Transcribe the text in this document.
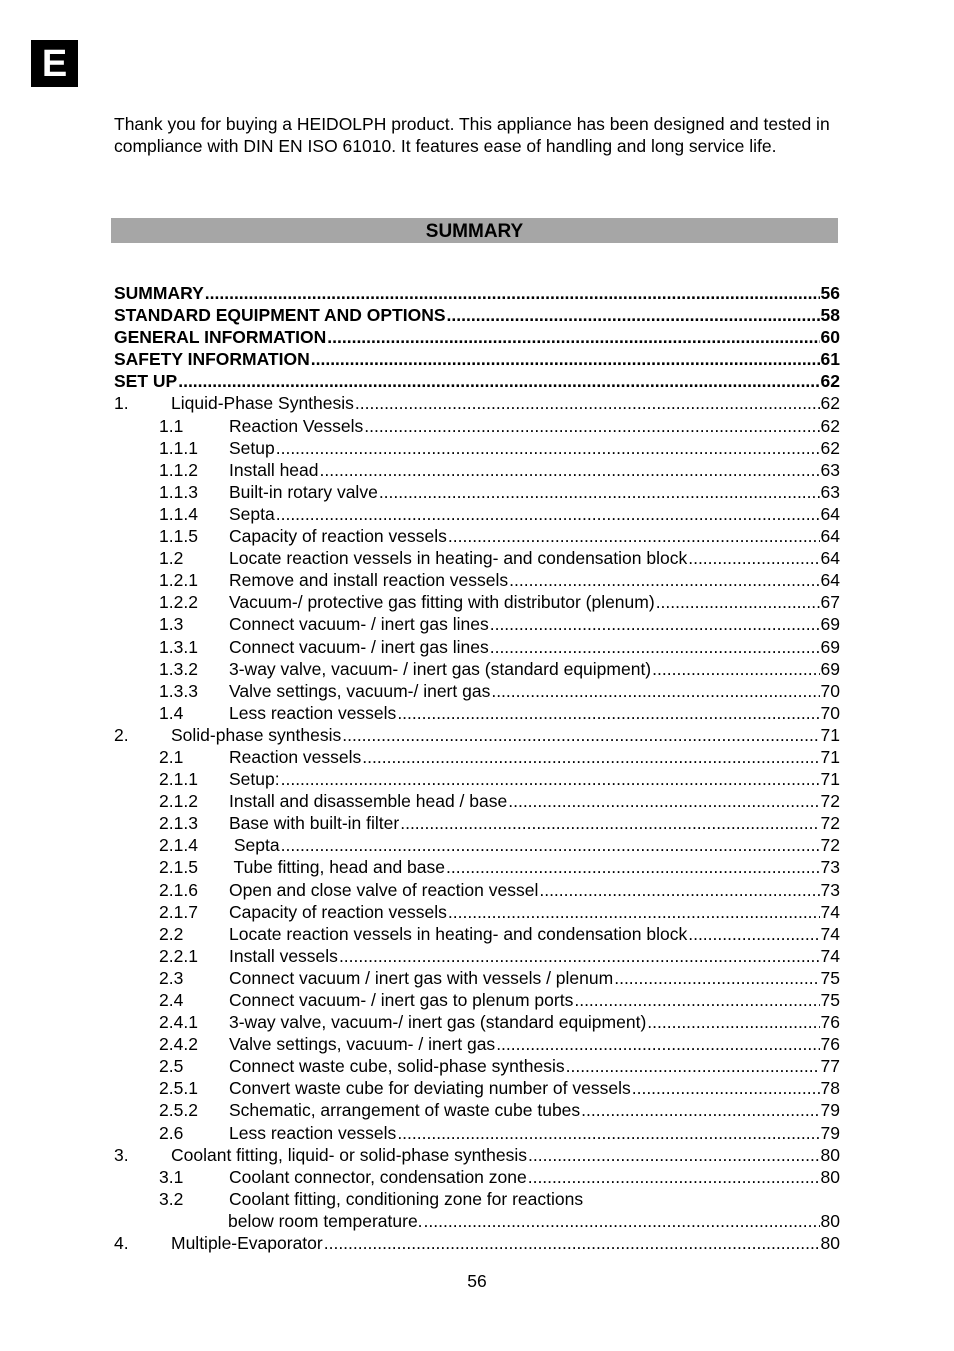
E

Thank you for buying a HEIDOLPH product. This appliance has been designed and tested in compliance with DIN EN ISO 61010. It features ease of handling and long service life.

SUMMARY
SUMMARY .....	56
STANDARD EQUIPMENT AND OPTIONS .....	58
GENERAL INFORMATION .....	60
SAFETY INFORMATION .....	61
SET UP .....	62
1.	Liquid-Phase Synthesis .....	62
1.1	Reaction Vessels .....	62
1.1.1	Setup .....	62
1.1.2	Install head .....	63
1.1.3	Built-in rotary valve .....	63
1.1.4	Septa .....	64
1.1.5	Capacity of reaction vessels .....	64
1.2	Locate reaction vessels in heating- and condensation block .....	64
1.2.1	Remove and install reaction vessels .....	64
1.2.2	Vacuum-/ protective gas fitting with distributor (plenum) .....	67
1.3	Connect vacuum- / inert gas lines .....	69
1.3.1	Connect vacuum- / inert gas lines .....	69
1.3.2	3-way valve, vacuum- / inert gas (standard equipment) .....	69
1.3.3	Valve settings, vacuum-/ inert gas .....	70
1.4	Less reaction vessels .....	70
2.	Solid-phase synthesis .....	71
2.1	Reaction vessels .....	71
2.1.1	Setup: .....	71
2.1.2	Install and disassemble head / base .....	72
2.1.3	Base with built-in filter .....	72
2.1.4	Septa .....	72
2.1.5	Tube fitting, head and base .....	73
2.1.6	Open and close valve of reaction vessel .....	73
2.1.7	Capacity of reaction vessels .....	74
2.2	Locate reaction vessels in heating- and condensation block .....	74
2.2.1	Install vessels .....	74
2.3	Connect vacuum / inert gas with vessels / plenum .....	75
2.4	Connect vacuum- / inert gas to plenum ports .....	75
2.4.1	3-way valve, vacuum-/ inert gas (standard equipment) .....	76
2.4.2	Valve settings, vacuum- / inert gas .....	76
2.5	Connect waste cube, solid-phase synthesis .....	77
2.5.1	Convert waste cube for deviating number of vessels .....	78
2.5.2	Schematic, arrangement of waste cube tubes .....	79
2.6	Less reaction vessels .....	79
3.	Coolant fitting, liquid- or solid-phase synthesis .....	80
3.1	Coolant connector, condensation zone .....	80
3.2	Coolant fitting, conditioning zone for reactions
below room temperature. .....	80
4.	Multiple-Evaporator .....	80
56
